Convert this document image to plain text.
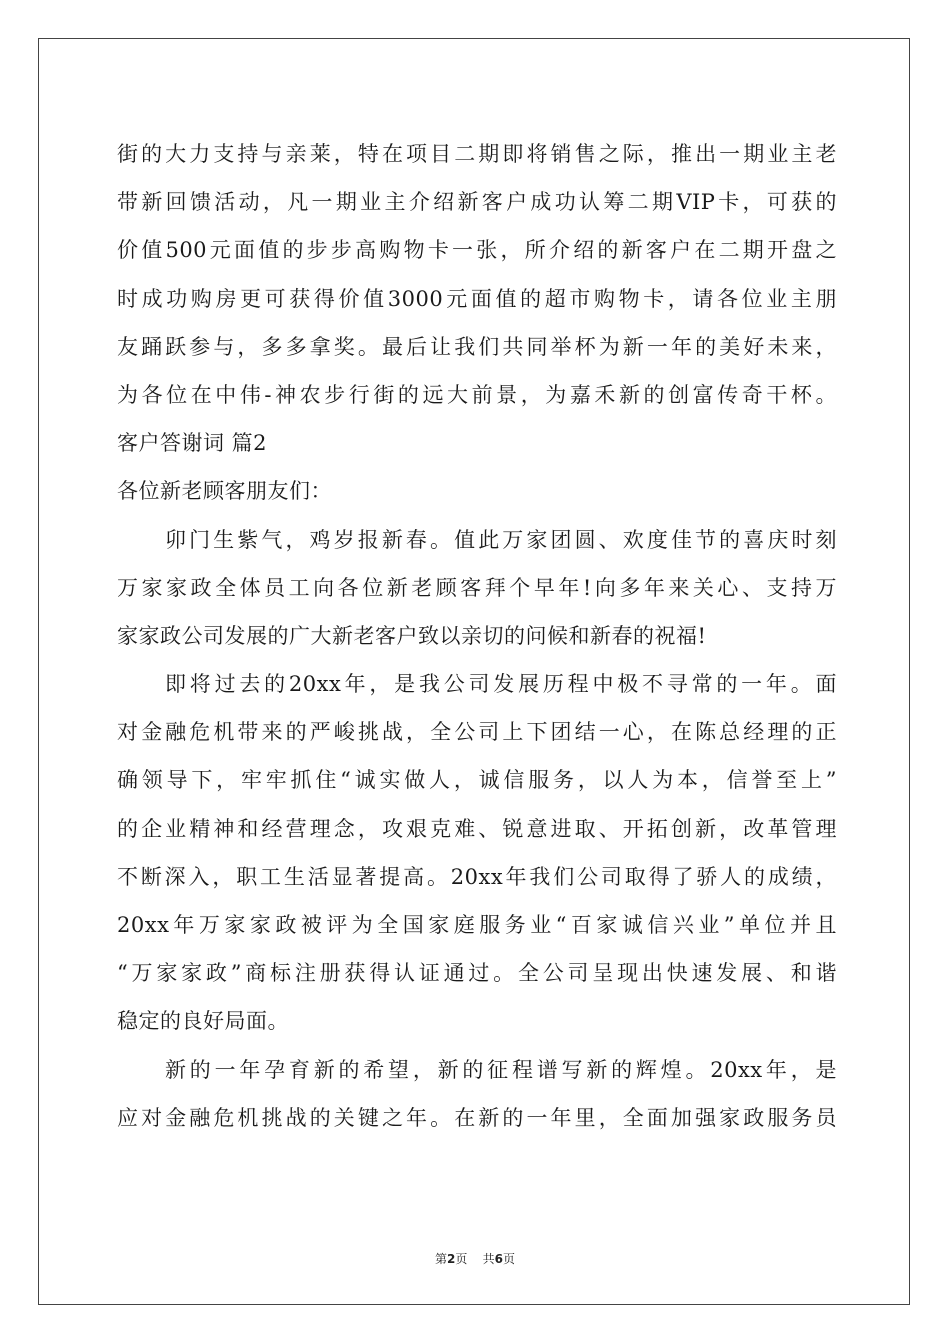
街的大力支持与亲莱，特在项目二期即将销售之际，推出一期业主老
带新回馈活动，凡一期业主介绍新客户成功认筹二期VIP卡，可获的
价值500元面值的步步高购物卡一张，所介绍的新客户在二期开盘之
时成功购房更可获得价值3000元面值的超市购物卡，请各位业主朋
友踊跃参与，多多拿奖。最后让我们共同举杯为新一年的美好未来，
为各位在中伟-神农步行街的远大前景，为嘉禾新的创富传奇干杯。
客户答谢词 篇2
各位新老顾客朋友们：
卯门生紫气，鸡岁报新春。值此万家团圆、欢度佳节的喜庆时刻
万家家政全体员工向各位新老顾客拜个早年!向多年来关心、支持万
家家政公司发展的广大新老客户致以亲切的问候和新春的祝福!
即将过去的20xx年，是我公司发展历程中极不寻常的一年。面
对金融危机带来的严峻挑战，全公司上下团结一心，在陈总经理的正
确领导下，牢牢抓住“诚实做人，诚信服务，以人为本，信誉至上”
的企业精神和经营理念，攻艰克难、锐意进取、开拓创新，改革管理
不断深入，职工生活显著提高。20xx年我们公司取得了骄人的成绩，
20xx年万家家政被评为全国家庭服务业“百家诚信兴业”单位并且
“万家家政”商标注册获得认证通过。全公司呈现出快速发展、和谐
稳定的良好局面。
新的一年孕育新的希望，新的征程谱写新的辉煌。20xx年，是
应对金融危机挑战的关键之年。在新的一年里，全面加强家政服务员
第2页 共6页
